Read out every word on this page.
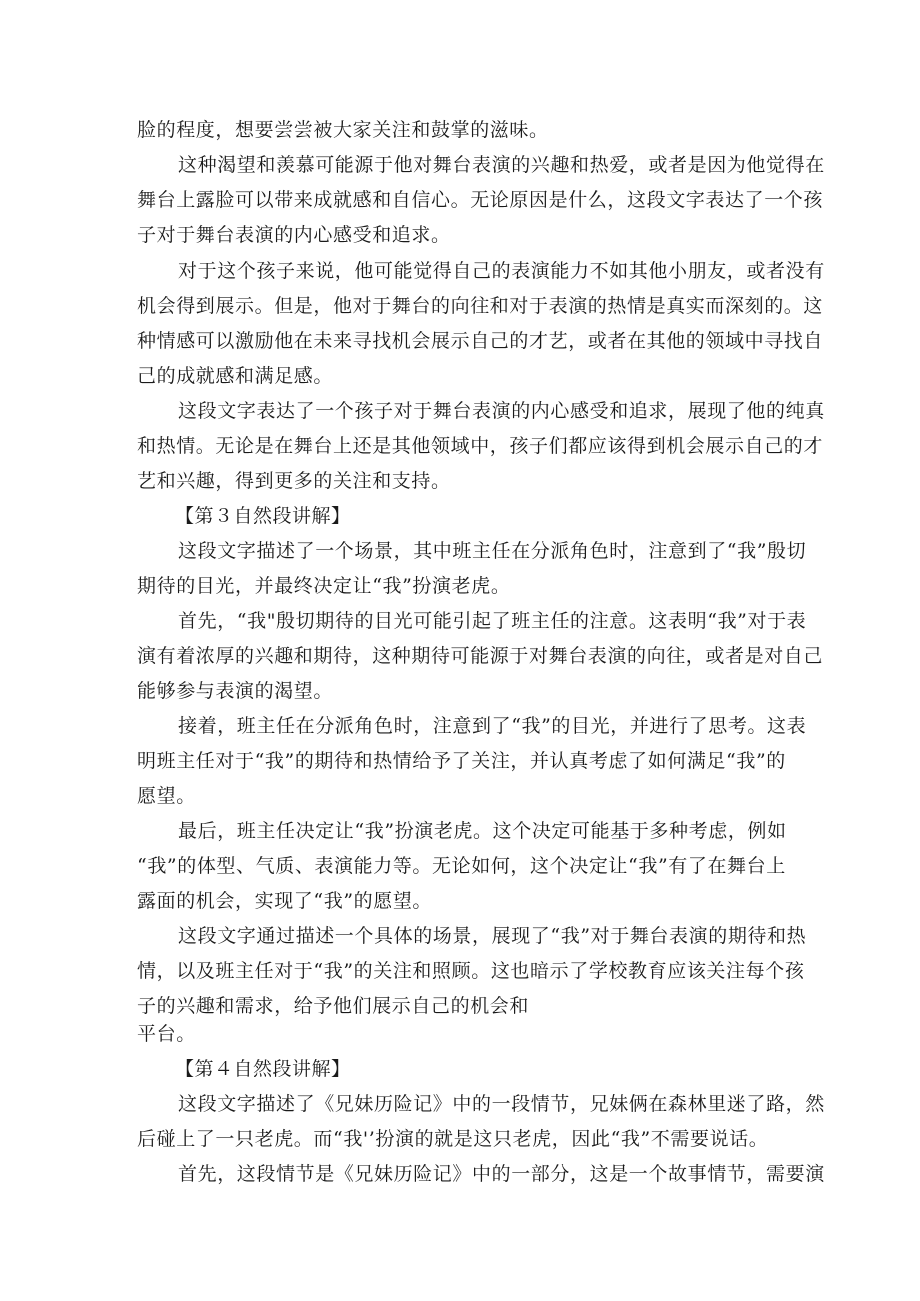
脸的程度，想要尝尝被大家关注和鼓掌的滋味。
这种渴望和羡慕可能源于他对舞台表演的兴趣和热爱，或者是因为他觉得在
舞台上露脸可以带来成就感和自信心。无论原因是什么，这段文字表达了一个孩
子对于舞台表演的内心感受和追求。
对于这个孩子来说，他可能觉得自己的表演能力不如其他小朋友，或者没有
机会得到展示。但是，他对于舞台的向往和对于表演的热情是真实而深刻的。这
种情感可以激励他在未来寻找机会展示自己的才艺，或者在其他的领域中寻找自
己的成就感和满足感。
这段文字表达了一个孩子对于舞台表演的内心感受和追求，展现了他的纯真
和热情。无论是在舞台上还是其他领域中，孩子们都应该得到机会展示自己的才
艺和兴趣，得到更多的关注和支持。
【第３自然段讲解】
这段文字描述了一个场景，其中班主任在分派角色时，注意到了“我”殷切
期待的目光，并最终决定让“我”扮演老虎。
首先，“我"殷切期待的目光可能引起了班主任的注意。这表明“我”对于表
演有着浓厚的兴趣和期待，这种期待可能源于对舞台表演的向往，或者是对自己
能够参与表演的渴望。
接着，班主任在分派角色时，注意到了“我”的目光，并进行了思考。这表
明班主任对于“我”的期待和热情给予了关注，并认真考虑了如何满足“我”的
愿望。
最后，班主任决定让“我”扮演老虎。这个决定可能基于多种考虑，例如
“我”的体型、气质、表演能力等。无论如何，这个决定让“我”有了在舞台上
露面的机会，实现了“我”的愿望。
这段文字通过描述一个具体的场景，展现了“我”对于舞台表演的期待和热
情，以及班主任对于“我”的关注和照顾。这也暗示了学校教育应该关注每个孩
子的兴趣和需求，给予他们展示自己的机会和
平台。
【第４自然段讲解】
这段文字描述了《兄妹历险记》中的一段情节，兄妹俩在森林里迷了路，然
后碰上了一只老虎。而“我'’扮演的就是这只老虎，因此“我”不需要说话。
首先，这段情节是《兄妹历险记》中的一部分，这是一个故事情节，需要演
